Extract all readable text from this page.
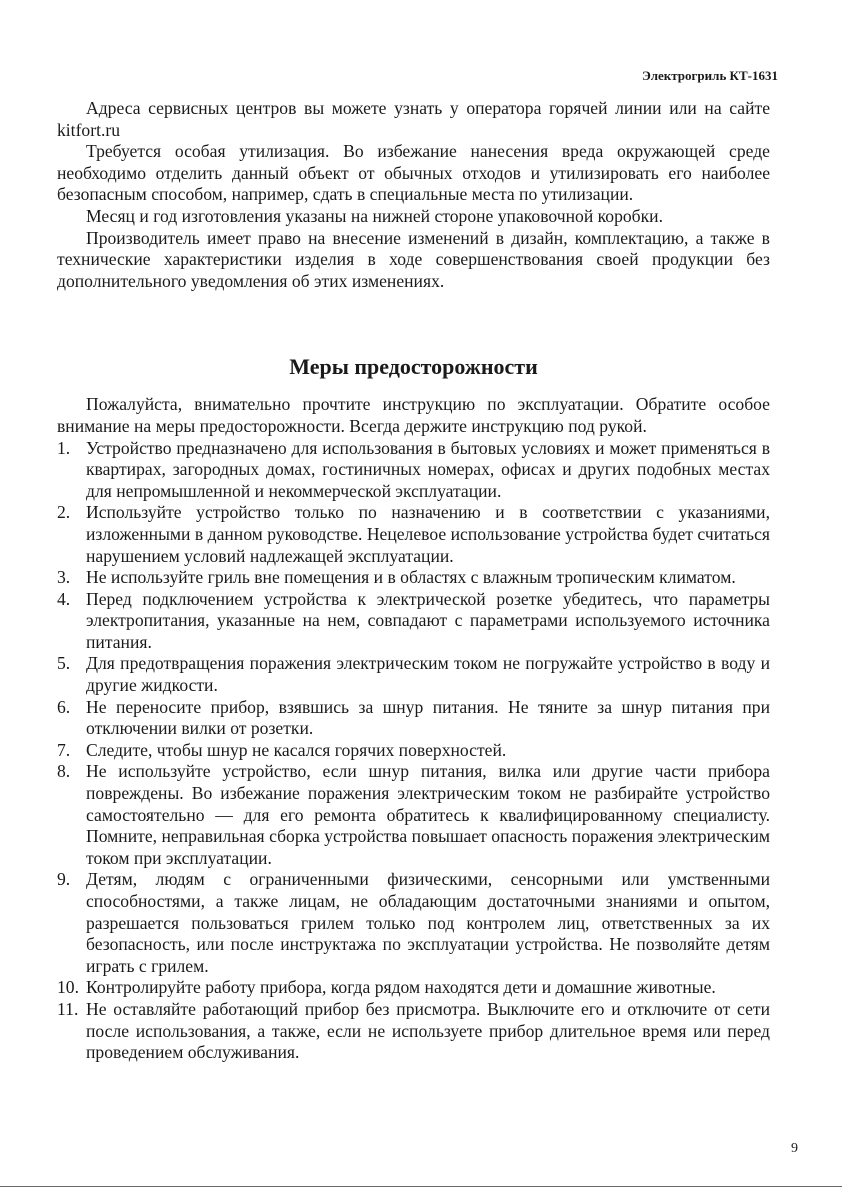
Электрогриль КТ-1631

Адреса сервисных центров вы можете узнать у оператора горячей линии или на сайте kitfort.ru

Требуется особая утилизация. Во избежание нанесения вреда окружающей среде необходимо отделить данный объект от обычных отходов и утилизировать его наиболее безопасным способом, например, сдать в специальные места по утилизации.

Месяц и год изготовления указаны на нижней стороне упаковочной коробки.

Производитель имеет право на внесение изменений в дизайн, комплектацию, а также в технические характеристики изделия в ходе совершенствования своей продукции без дополнительного уведомления об этих изменениях.

Меры предосторожности

Пожалуйста, внимательно прочтите инструкцию по эксплуатации. Обратите особое внимание на меры предосторожности. Всегда держите инструкцию под рукой.

1. Устройство предназначено для использования в бытовых условиях и может применяться в квартирах, загородных домах, гостиничных номерах, офисах и других подобных местах для непромышленной и некоммерческой эксплуатации.
2. Используйте устройство только по назначению и в соответствии с указаниями, изложенными в данном руководстве. Нецелевое использование устройства будет считаться нарушением условий надлежащей эксплуатации.
3. Не используйте гриль вне помещения и в областях с влажным тропическим климатом.
4. Перед подключением устройства к электрической розетке убедитесь, что параметры электропитания, указанные на нем, совпадают с параметрами используемого источника питания.
5. Для предотвращения поражения электрическим током не погружайте устройство в воду и другие жидкости.
6. Не переносите прибор, взявшись за шнур питания. Не тяните за шнур питания при отключении вилки от розетки.
7. Следите, чтобы шнур не касался горячих поверхностей.
8. Не используйте устройство, если шнур питания, вилка или другие части прибора повреждены. Во избежание поражения электрическим током не разбирайте устройство самостоятельно — для его ремонта обратитесь к квалифицированному специалисту. Помните, неправильная сборка устройства повышает опасность поражения электрическим током при эксплуатации.
9. Детям, людям с ограниченными физическими, сенсорными или умственными способностями, а также лицам, не обладающим достаточными знаниями и опытом, разрешается пользоваться грилем только под контролем лиц, ответственных за их безопасность, или после инструктажа по эксплуатации устройства. Не позволяйте детям играть с грилем.
10. Контролируйте работу прибора, когда рядом находятся дети и домашние животные.
11. Не оставляйте работающий прибор без присмотра. Выключите его и отключите от сети после использования, а также, если не используете прибор длительное время или перед проведением обслуживания.
9
